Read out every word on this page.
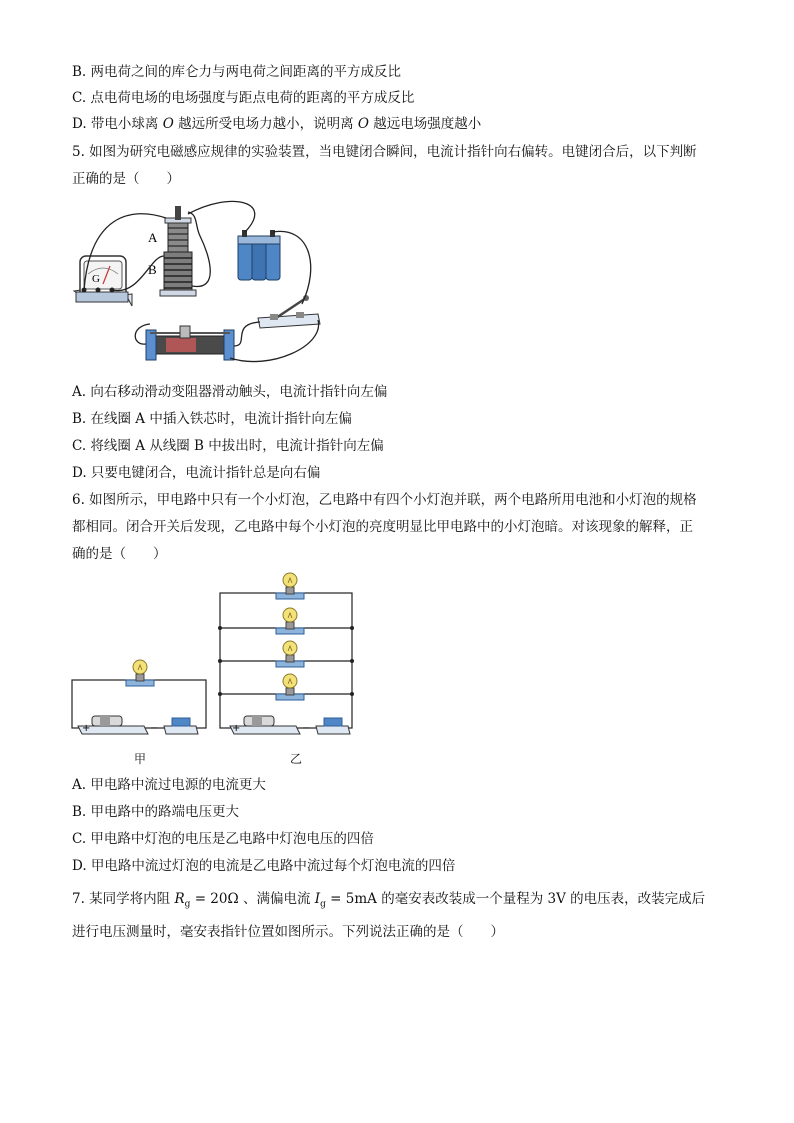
B. 两电荷之间的库仑力与两电荷之间距离的平方成反比
C. 点电荷电场的电场强度与距点电荷的距离的平方成反比
D. 带电小球离 O 越远所受电场力越小，说明离 O 越远电场强度越小
5. 如图为研究电磁感应规律的实验装置，当电键闭合瞬间，电流计指针向右偏转。电键闭合后，以下判断
正确的是（　　）
G
A
B
A. 向右移动滑动变阻器滑动触头，电流计指针向左偏
B. 在线圈 A 中插入铁芯时，电流计指针向左偏
C. 将线圈 A 从线圈 B 中拔出时，电流计指针向左偏
D. 只要电键闭合，电流计指针总是向右偏
6. 如图所示，甲电路中只有一个小灯泡，乙电路中有四个小灯泡并联，两个电路所用电池和小灯泡的规格
都相同。闭合开关后发现，乙电路中每个小灯泡的亮度明显比甲电路中的小灯泡暗。对该现象的解释，正
确的是（　　）
+	−	+	−
甲	乙
A. 甲电路中流过电源的电流更大
B. 甲电路中的路端电压更大
C. 甲电路中灯泡的电压是乙电路中灯泡电压的四倍
D. 甲电路中流过灯泡的电流是乙电路中流过每个灯泡电流的四倍
7. 某同学将内阻 $R_g = 20\Omega$ 、满偏电流 $I_g = 5mA$ 的毫安表改装成一个量程为 3V 的电压表，改装完成后
进行电压测量时，毫安表指针位置如图所示。下列说法正确的是（　　）
